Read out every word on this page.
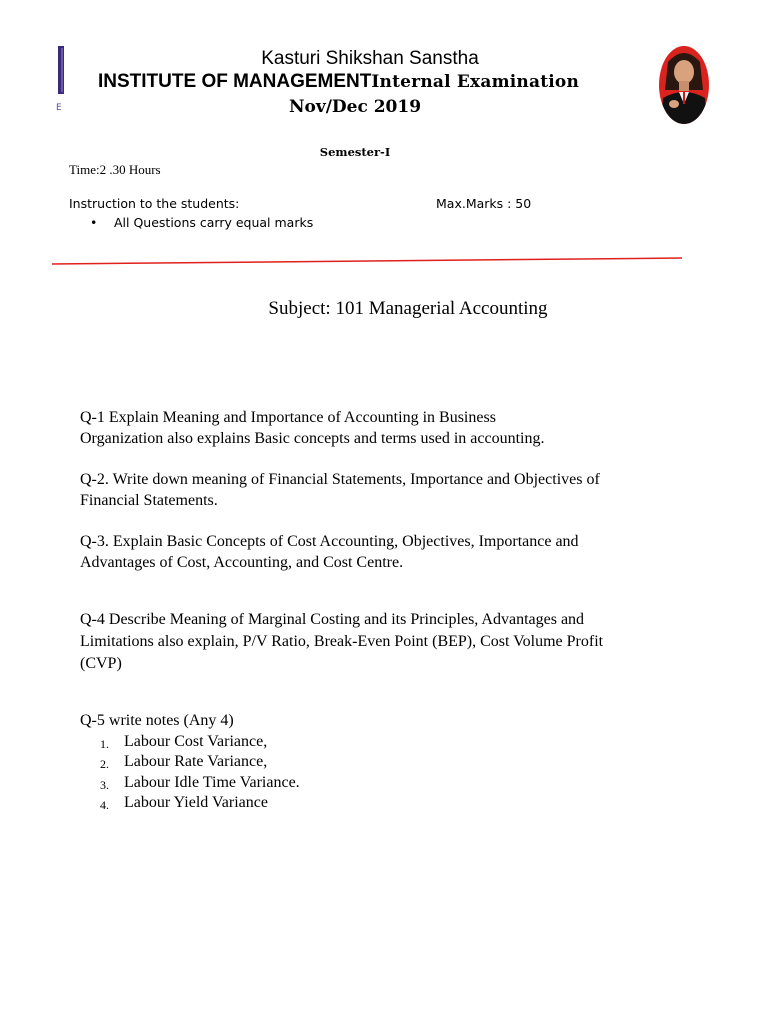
E
Kasturi Shikshan Sanstha
INSTITUTE OF MANAGEMENTInternal Examination
Nov/Dec 2019
Semester-I
Time:2 .30 Hours
Instruction to the students:	Max.Marks : 50
• All Questions carry equal marks
Subject: 101 Managerial Accounting
Q-1 Explain Meaning and Importance of Accounting in Business
Organization also explains Basic concepts and terms used in accounting.
Q-2. Write down meaning of Financial Statements, Importance and Objectives of
Financial Statements.
Q-3. Explain Basic Concepts of Cost Accounting, Objectives, Importance and
Advantages of Cost, Accounting, and Cost Centre.
Q-4 Describe Meaning of Marginal Costing and its Principles, Advantages and
Limitations also explain, P/V Ratio, Break-Even Point (BEP), Cost Volume Profit
(CVP)
Q-5 write notes (Any 4)
1. Labour Cost Variance,
2. Labour Rate Variance,
3. Labour Idle Time Variance.
4. Labour Yield Variance
